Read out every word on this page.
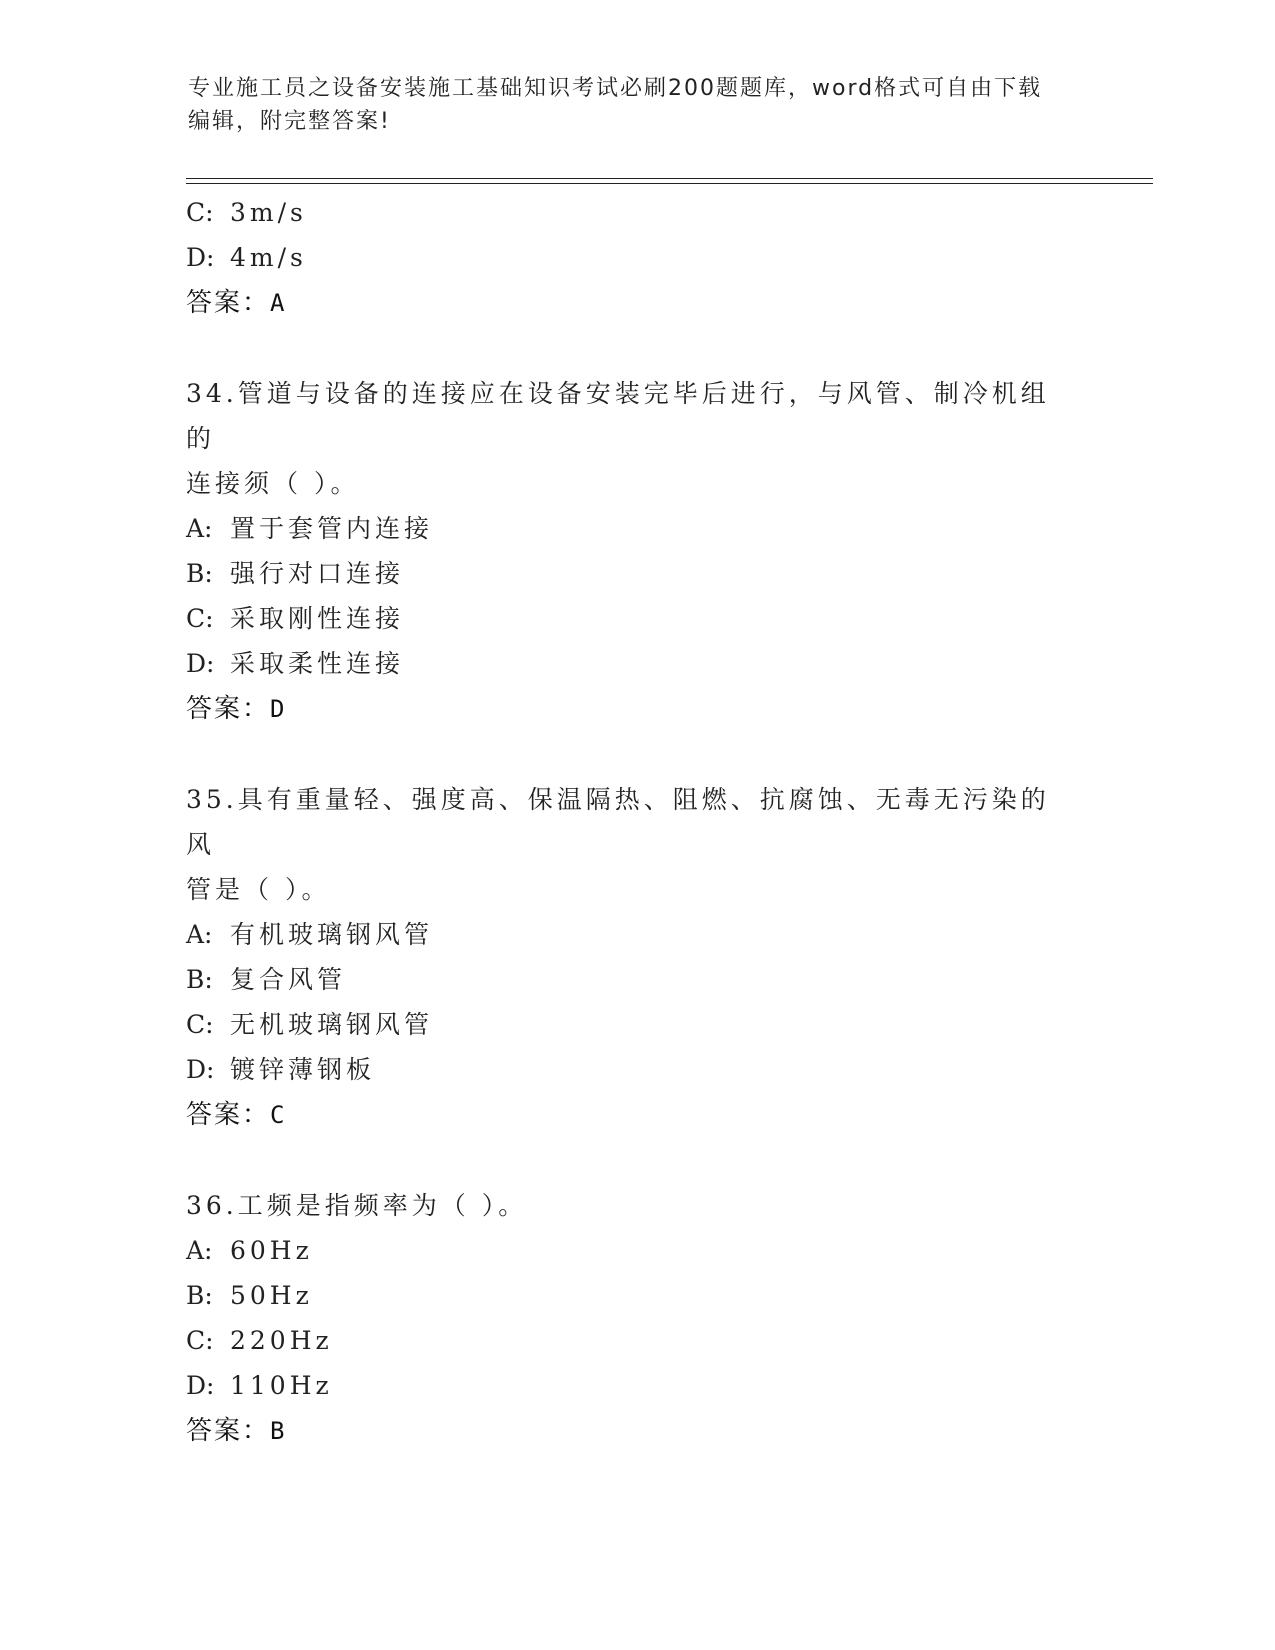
专业施工员之设备安装施工基础知识考试必刷200题题库，word格式可自由下载
编辑，附完整答案!
C: 3m/s
D: 4m/s
答案：A
34.管道与设备的连接应在设备安装完毕后进行，与风管、制冷机组的
连接须（ ）。
A: 置于套管内连接
B: 强行对口连接
C: 采取刚性连接
D: 采取柔性连接
答案：D
35.具有重量轻、强度高、保温隔热、阻燃、抗腐蚀、无毒无污染的风
管是（ ）。
A: 有机玻璃钢风管
B: 复合风管
C: 无机玻璃钢风管
D: 镀锌薄钢板
答案：C
36.工频是指频率为（ ）。
A: 60Hz
B: 50Hz
C: 220Hz
D: 110Hz
答案：B
